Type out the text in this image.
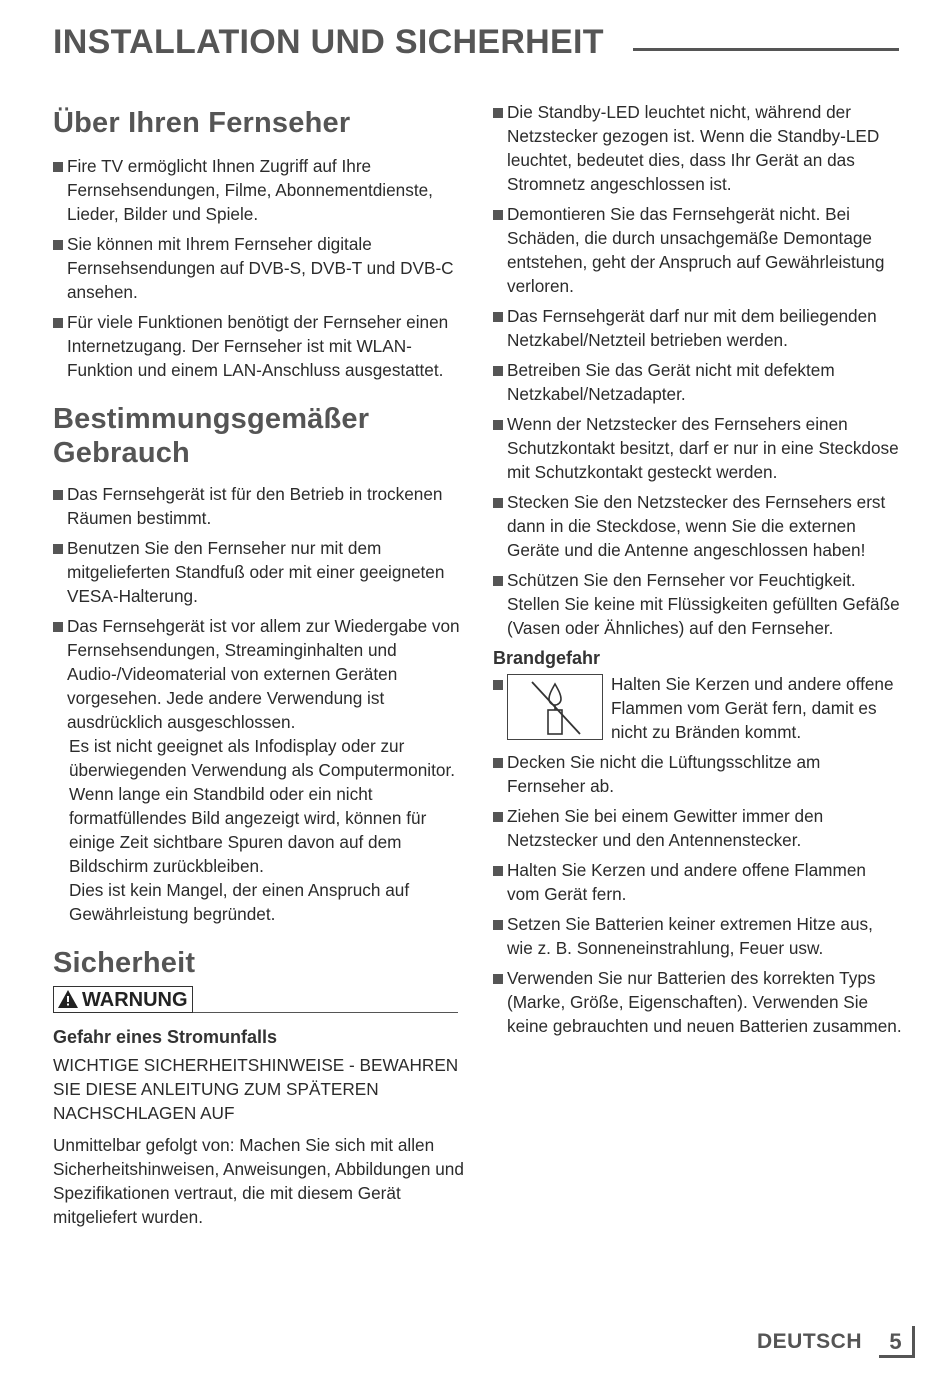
INSTALLATION UND SICHERHEIT
Über Ihren Fernseher
Fire TV ermöglicht Ihnen Zugriff auf Ihre Fernsehsendungen, Filme, Abonnementdienste, Lieder, Bilder und Spiele.
Sie können mit Ihrem Fernseher digitale Fernsehsendungen auf DVB-S, DVB-T und DVB-C ansehen.
Für viele Funktionen benötigt der Fernseher einen Internetzugang. Der Fernseher ist mit WLAN-Funktion und einem LAN-Anschluss ausgestattet.
Bestimmungsgemäßer Gebrauch
Das Fernsehgerät ist für den Betrieb in trockenen Räumen bestimmt.
Benutzen Sie den Fernseher nur mit dem mitgelieferten Standfuß oder mit einer geeigneten VESA-Halterung.
Das Fernsehgerät ist vor allem zur Wiedergabe von Fernsehsendungen, Streaminginhalten und Audio-/Videomaterial von externen Geräten vorgesehen. Jede andere Verwendung ist ausdrücklich ausgeschlossen.

Es ist nicht geeignet als Infodisplay oder zur überwiegenden Verwendung als Computermonitor. Wenn lange ein Standbild oder ein nicht formatfüllendes Bild angezeigt wird, können für einige Zeit sichtbare Spuren davon auf dem Bildschirm zurückbleiben.

Dies ist kein Mangel, der einen Anspruch auf Gewährleistung begründet.

Sicherheit
WARNUNG
Gefahr eines Stromunfalls

WICHTIGE SICHERHEITSHINWEISE - BEWAHREN SIE DIESE ANLEITUNG ZUM SPÄTEREN NACHSCHLAGEN AUF

Unmittelbar gefolgt von: Machen Sie sich mit allen Sicherheitshinweisen, Anweisungen, Abbildungen und Spezifikationen vertraut, die mit diesem Gerät mitgeliefert wurden.

Die Standby-LED leuchtet nicht, während der Netzstecker gezogen ist. Wenn die Standby-LED leuchtet, bedeutet dies, dass Ihr Gerät an das Stromnetz angeschlossen ist.
Demontieren Sie das Fernsehgerät nicht. Bei Schäden, die durch unsachgemäße Demontage entstehen, geht der Anspruch auf Gewährleistung verloren.
Das Fernsehgerät darf nur mit dem beiliegenden Netzkabel/Netzteil betrieben werden.
Betreiben Sie das Gerät nicht mit defektem Netzkabel/Netzadapter.
Wenn der Netzstecker des Fernsehers einen Schutzkontakt besitzt, darf er nur in eine Steckdose mit Schutzkontakt gesteckt werden.
Stecken Sie den Netzstecker des Fernsehers erst dann in die Steckdose, wenn Sie die externen Geräte und die Antenne angeschlossen haben!
Schützen Sie den Fernseher vor Feuchtigkeit. Stellen Sie keine mit Flüssigkeiten gefüllten Gefäße (Vasen oder Ähnliches) auf den Fernseher.
Brandgefahr
Halten Sie Kerzen und andere offene Flammen vom Gerät fern, damit es nicht zu Bränden kommt.
Decken Sie nicht die Lüftungsschlitze am Fernseher ab.
Ziehen Sie bei einem Gewitter immer den Netzstecker und den Antennenstecker.
Halten Sie Kerzen und andere offene Flammen vom Gerät fern.
Setzen Sie Batterien keiner extremen Hitze aus, wie z. B. Sonneneinstrahlung, Feuer usw.
Verwenden Sie nur Batterien des korrekten Typs (Marke, Größe, Eigenschaften). Verwenden Sie keine gebrauchten und neuen Batterien zusammen.
DEUTSCH	5
